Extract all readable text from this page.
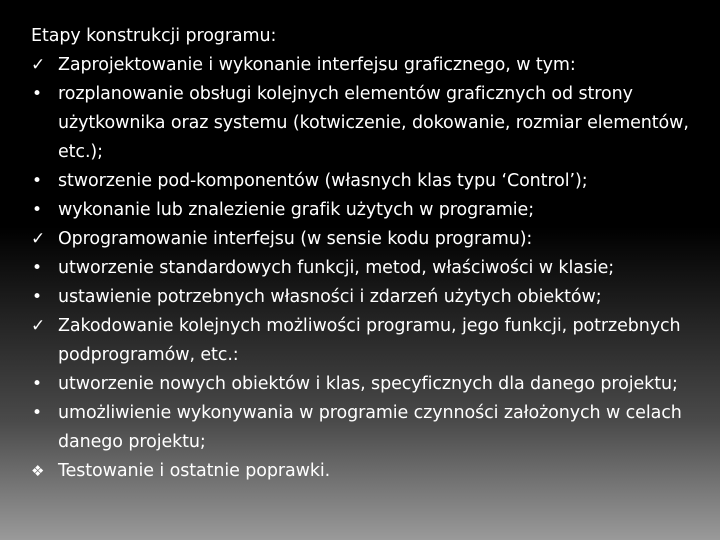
Etapy konstrukcji programu:
✓ Zaprojektowanie i wykonanie interfejsu graficznego, w tym:
• rozplanowanie obsługi kolejnych elementów graficznych od strony użytkownika oraz systemu (kotwiczenie, dokowanie, rozmiar elementów, etc.);
• stworzenie pod-komponentów (własnych klas typu ‘Control’);
• wykonanie lub znalezienie grafik użytych w programie;
✓ Oprogramowanie interfejsu (w sensie kodu programu):
• utworzenie standardowych funkcji, metod, właściwości w klasie;
• ustawienie potrzebnych własności i zdarzeń użytych obiektów;
✓ Zakodowanie kolejnych możliwości programu, jego funkcji, potrzebnych podprogramów, etc.:
• utworzenie nowych obiektów i klas, specyficznych dla danego projektu;
• umożliwienie wykonywania w programie czynności założonych w celach danego projektu;
❖ Testowanie i ostatnie poprawki.
